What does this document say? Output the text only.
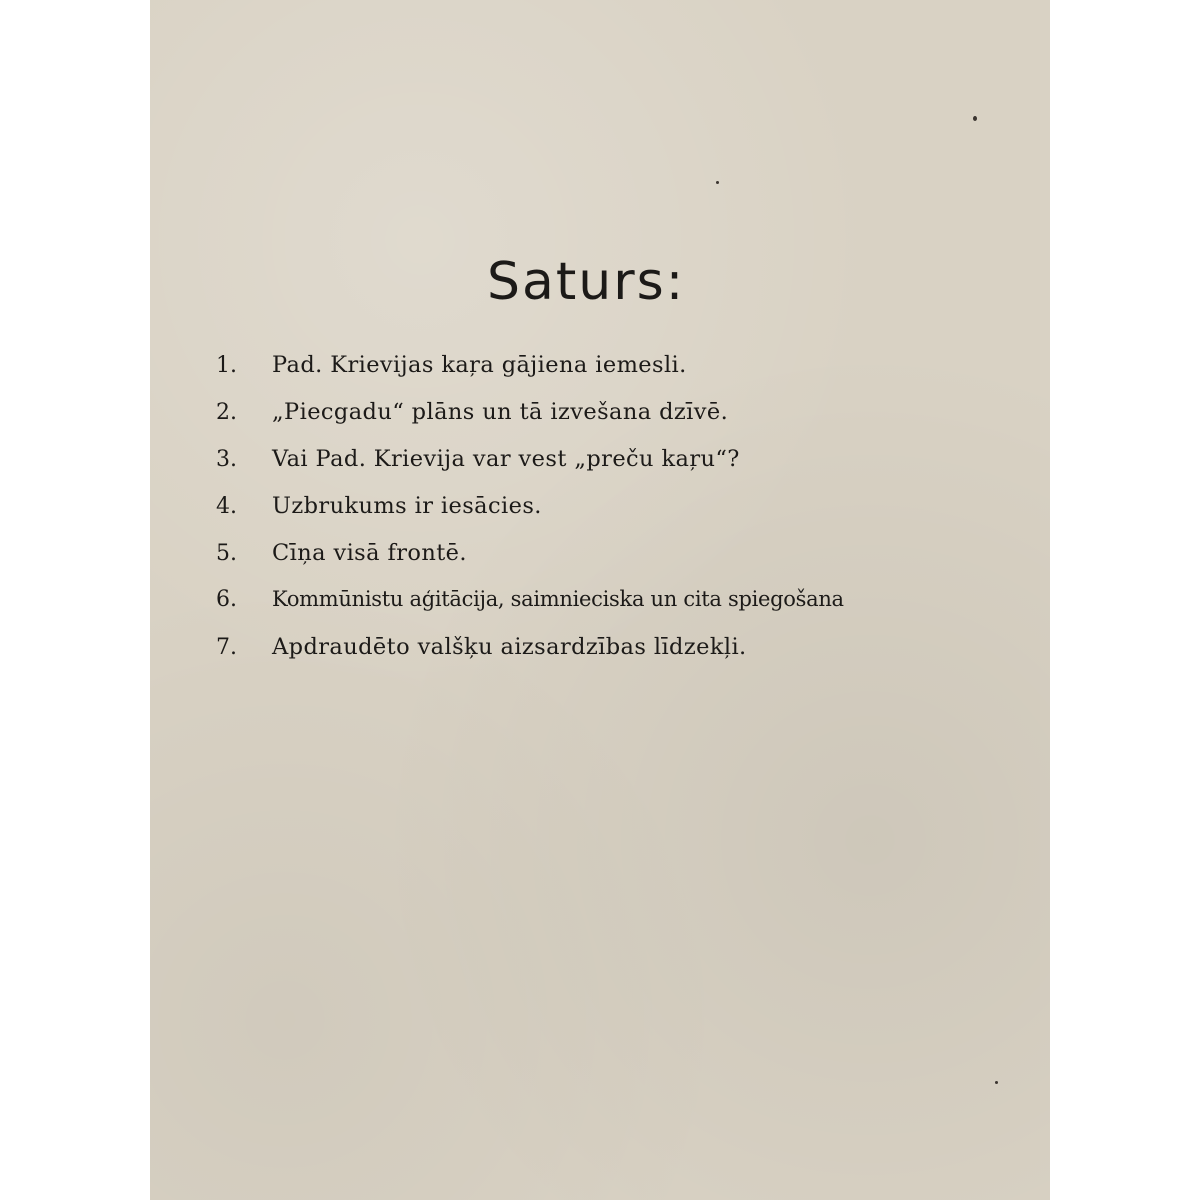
Saturs:
1.	Pad. Krievijas kaŗa gājiena iemesli.
2.	„Piecgadu“ plāns un tā izvešana dzīvē.
3.	Vai Pad. Krievija var vest „preču kaŗu“?
4.	Uzbrukums ir iesācies.
5.	Cīņa visā frontē.
6.	Kommūnistu aģitācija, saimnieciska un cita spiegošana
7.	Apdraudēto valšķu aizsardzības līdzekļi.
